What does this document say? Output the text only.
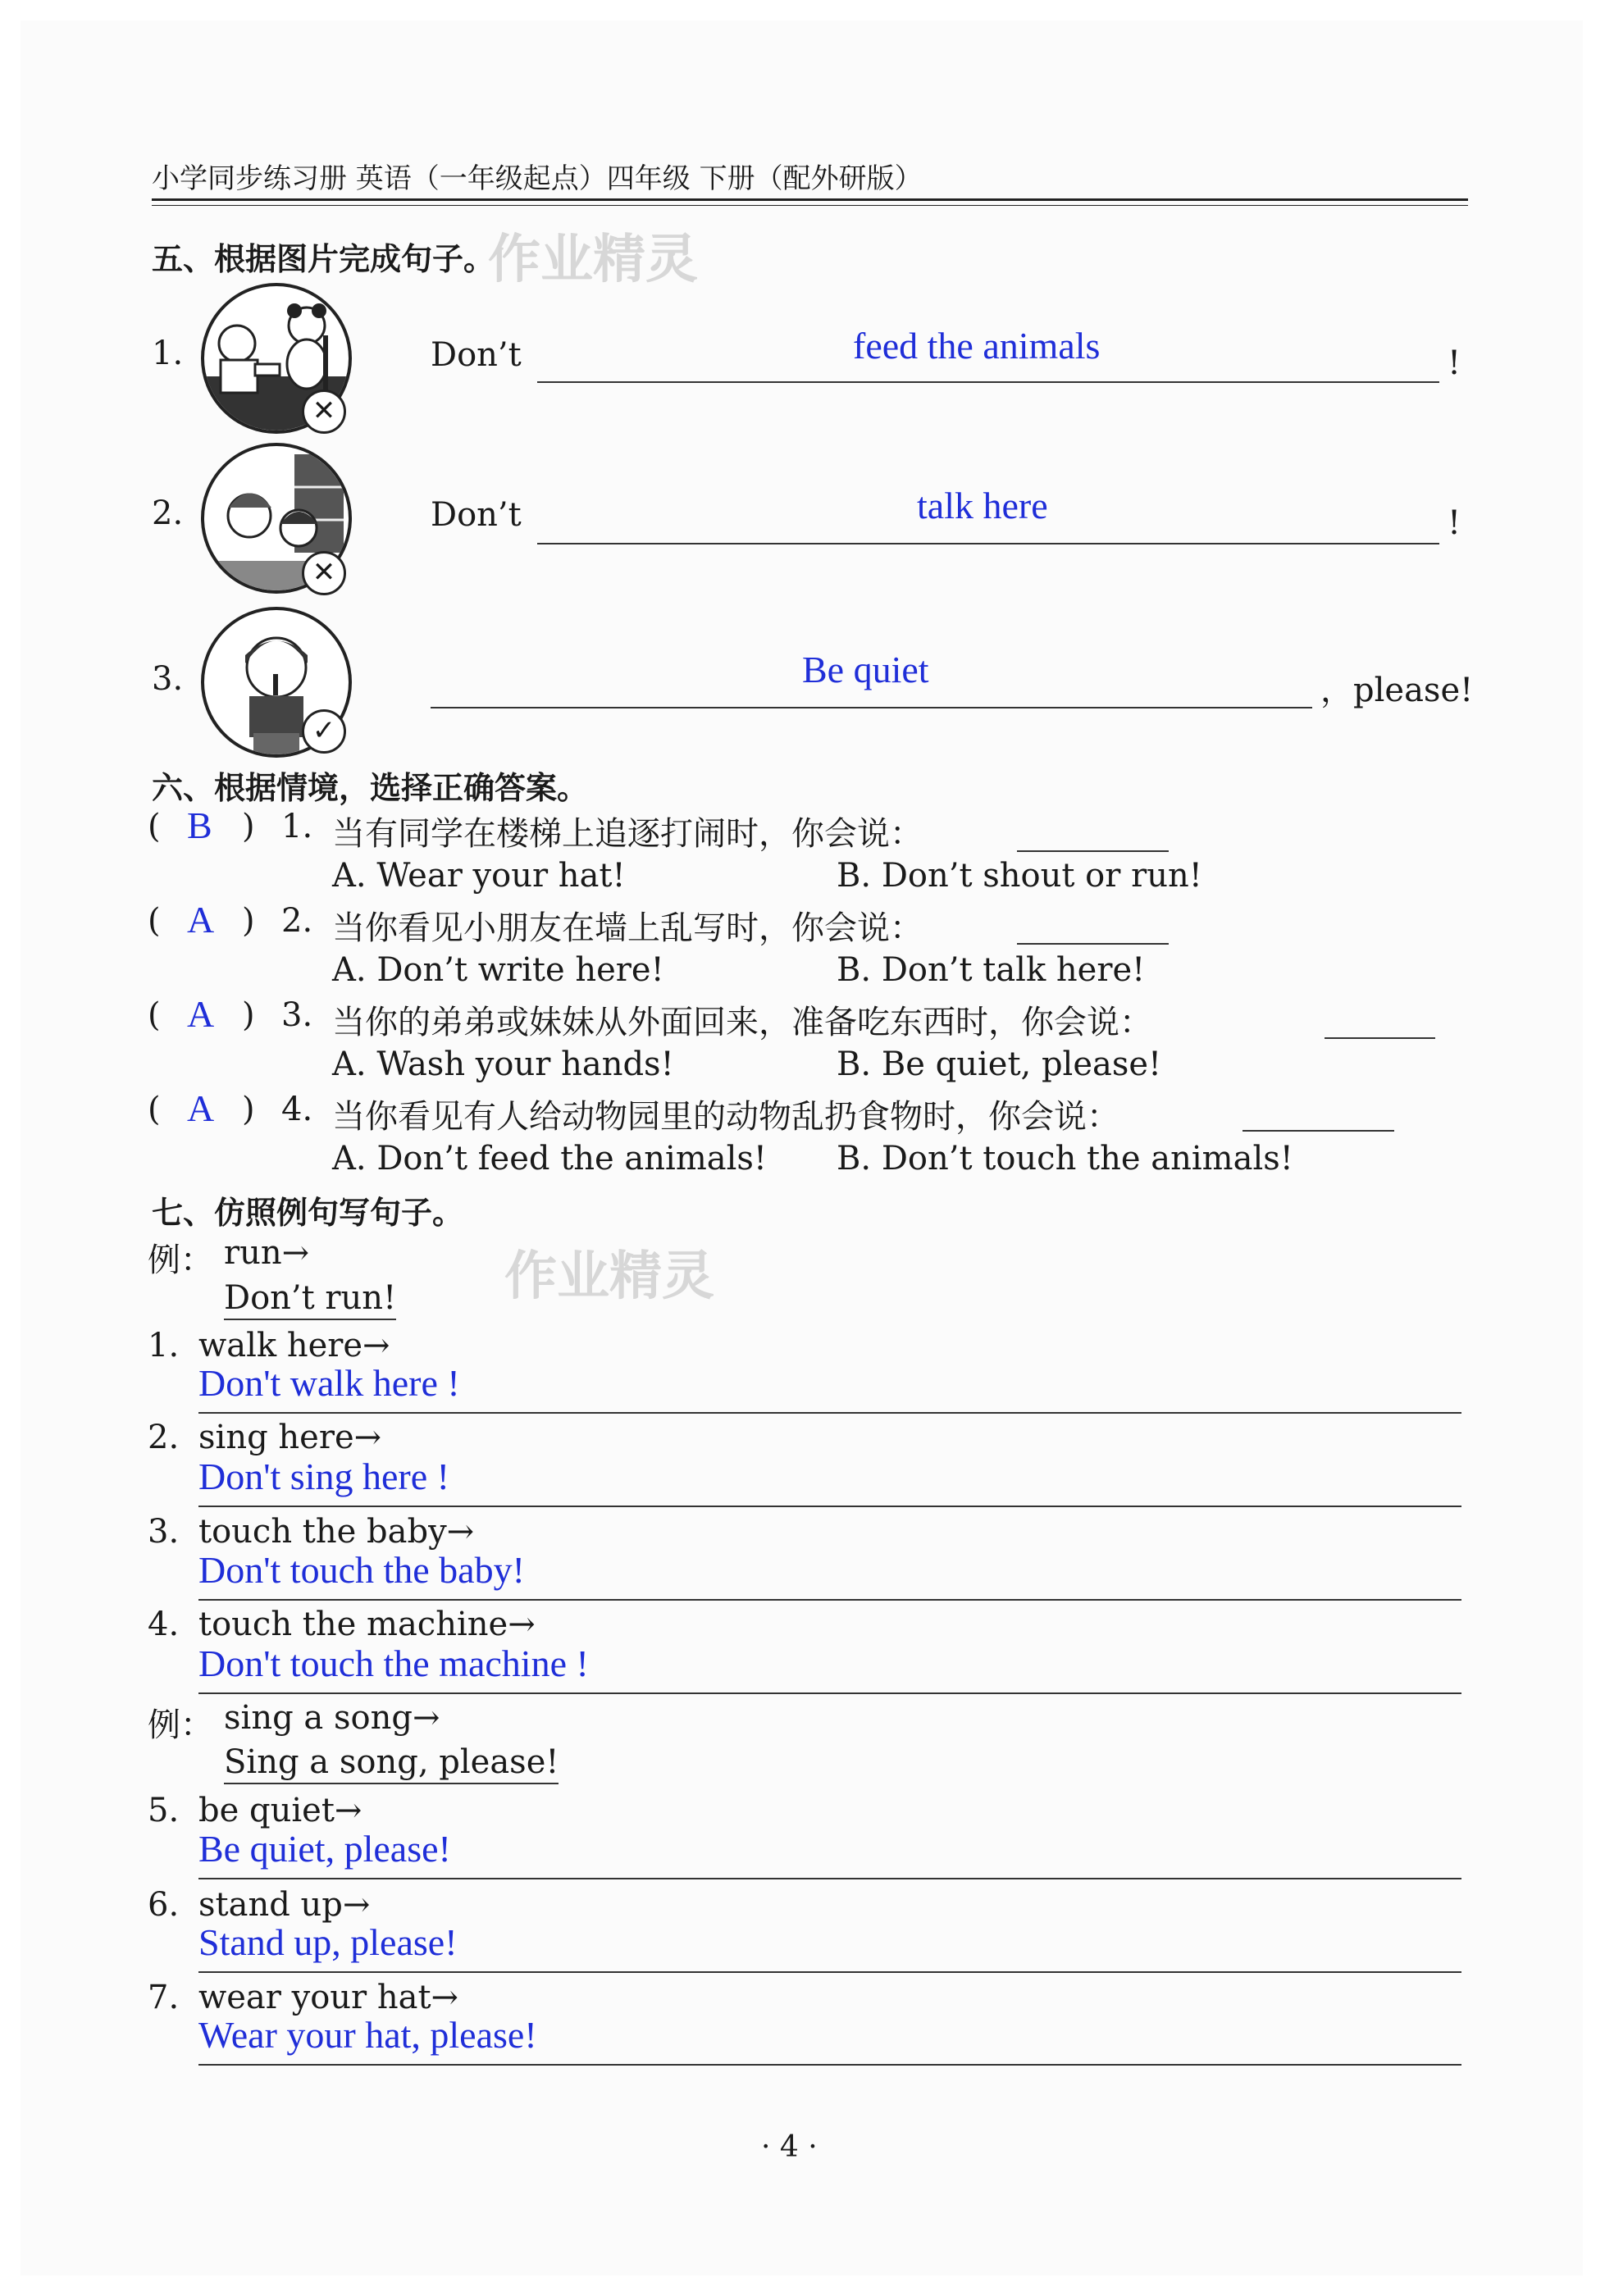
小学同步练习册 英语（一年级起点）四年级 下册（配外研版）
作业精灵
作业精灵
五、根据图片完成句子。
1.
✕
Don’t	feed the animals	!
2.
✕
Don’t	talk here	!
3.
✓
Be quiet	，please!
六、根据情境，选择正确答案。
( B ) 1. 当有同学在楼梯上追逐打闹时，你会说：
A. Wear your hat!	B. Don’t shout or run!
( A ) 2. 当你看见小朋友在墙上乱写时，你会说：
A. Don’t write here!	B. Don’t talk here!
( A ) 3. 当你的弟弟或妹妹从外面回来，准备吃东西时，你会说：
A. Wash your hands!	B. Be quiet, please!
( A ) 4. 当你看见有人给动物园里的动物乱扔食物时，你会说：
A. Don’t feed the animals! B. Don’t touch the animals!
七、仿照例句写句子。
例： run→
Don’t run!
1. walk here→
Don't walk here !
2. sing here→
Don't sing here !
3. touch the baby→
Don't touch the baby!
4. touch the machine→
Don't touch the machine !
例： sing a song→
Sing a song, please!
5. be quiet→
Be quiet, please!
6. stand up→
Stand up, please!
7. wear your hat→
Wear your hat, please!
· 4 ·
